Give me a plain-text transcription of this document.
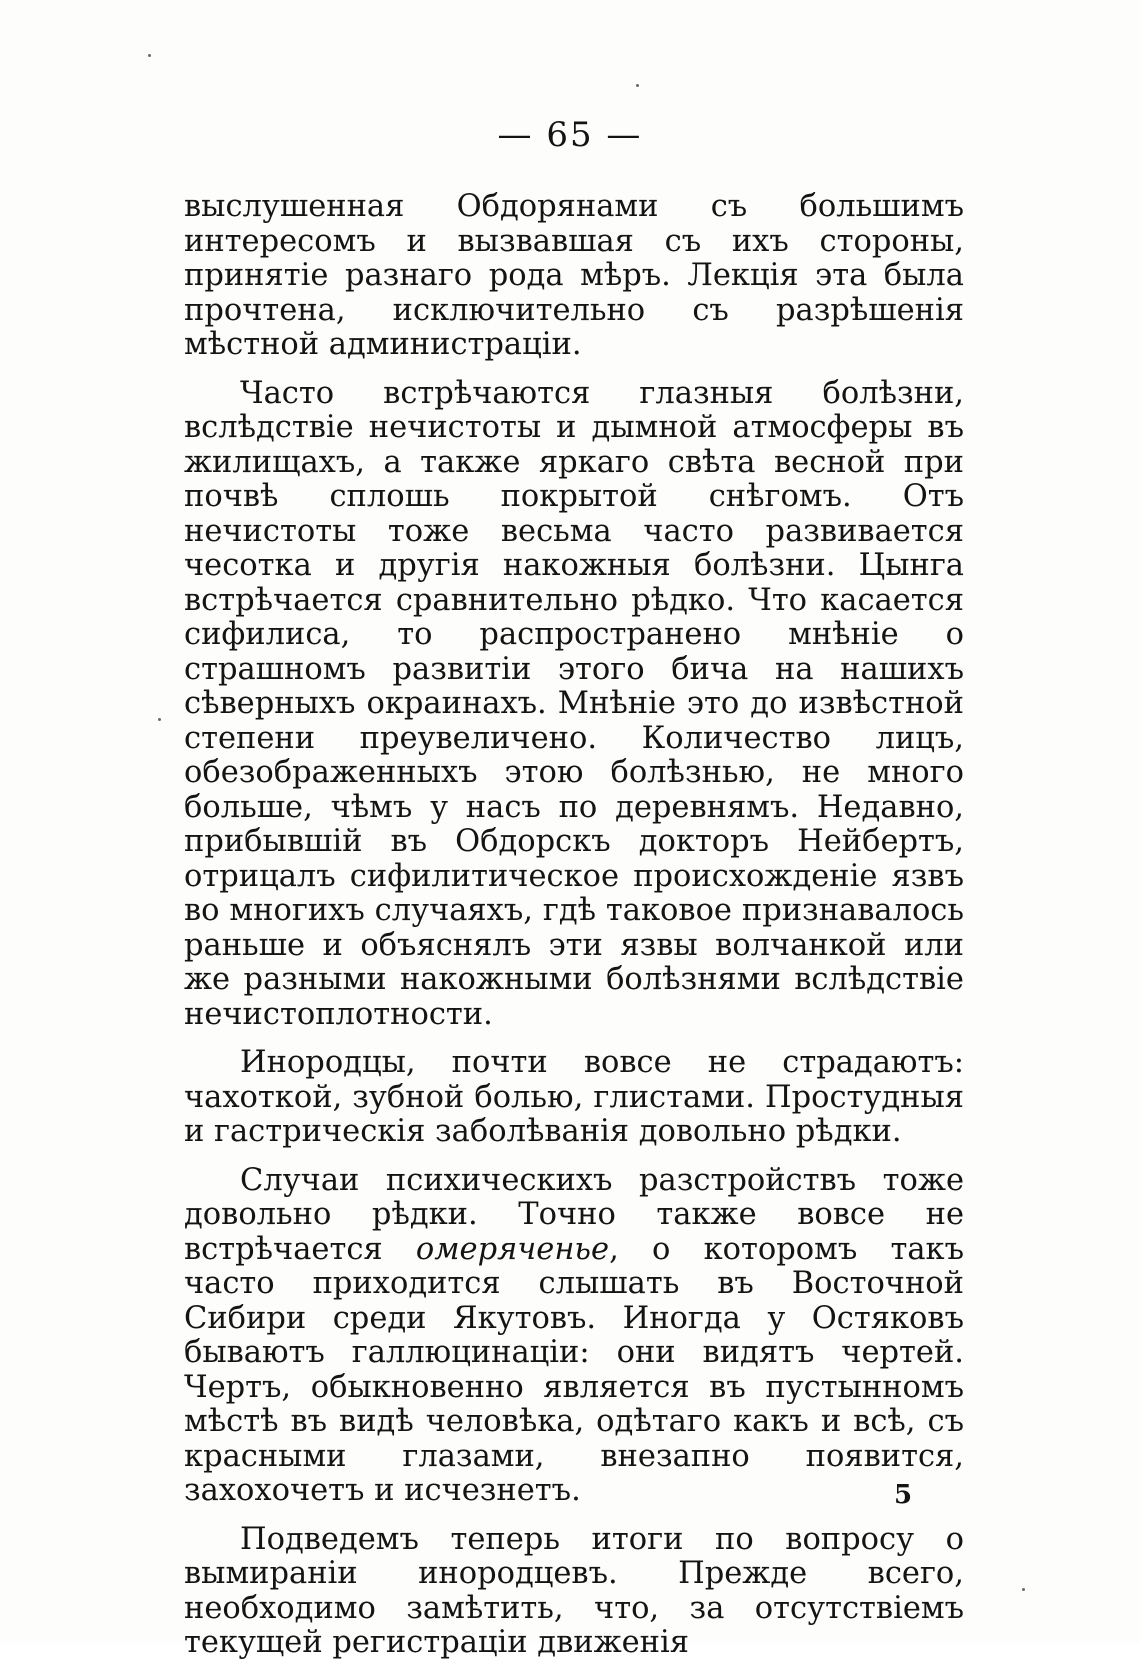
— 65 —

выслушенная Обдорянами съ большимъ интересомъ и вызвавшая съ ихъ стороны, принятіе разнаго рода мѣръ. Лекція эта была прочтена, исключительно съ разрѣшенія мѣстной администраціи.

Часто встрѣчаются глазныя болѣзни, вслѣдствіе нечистоты и дымной атмосферы въ жилищахъ, а также яркаго свѣта весной при почвѣ сплошь покрытой снѣгомъ. Отъ нечистоты тоже весьма часто развивается чесотка и другія накожныя болѣзни. Цынга встрѣчается сравнительно рѣдко. Что касается сифилиса, то распространено мнѣніе о страшномъ развитіи этого бича на нашихъ сѣверныхъ окраинахъ. Мнѣніе это до извѣстной степени преувеличено. Количество лицъ, обезображенныхъ этою болѣзнью, не много больше, чѣмъ у насъ по деревнямъ. Недавно, прибывшій въ Обдорскъ докторъ Нейбертъ, отрицалъ сифилитическое происхожденіе язвъ во многихъ случаяхъ, гдѣ таковое признавалось раньше и объяснялъ эти язвы волчанкой или же разными накожными болѣзнями вслѣдствіе нечистоплотности.

Инородцы, почти вовсе не страдаютъ: чахоткой, зубной болью, глистами. Простудныя и гастрическія заболѣванія довольно рѣдки.

Случаи психическихъ разстройствъ тоже довольно рѣдки. Точно также вовсе не встрѣчается омеряченье, о которомъ такъ часто приходится слышать въ Восточной Сибири среди Якутовъ. Иногда у Остяковъ бываютъ галлюцинаціи: они видятъ чертей. Чертъ, обыкновенно является въ пустынномъ мѣстѣ въ видѣ человѣка, одѣтаго какъ и всѣ, съ красными глазами, внезапно появится, захохочетъ и исчезнетъ.

Подведемъ теперь итоги по вопросу о вымираніи инородцевъ. Прежде всего, необходимо замѣтить, что, за отсутствіемъ текущей регистраціи движенія

5
